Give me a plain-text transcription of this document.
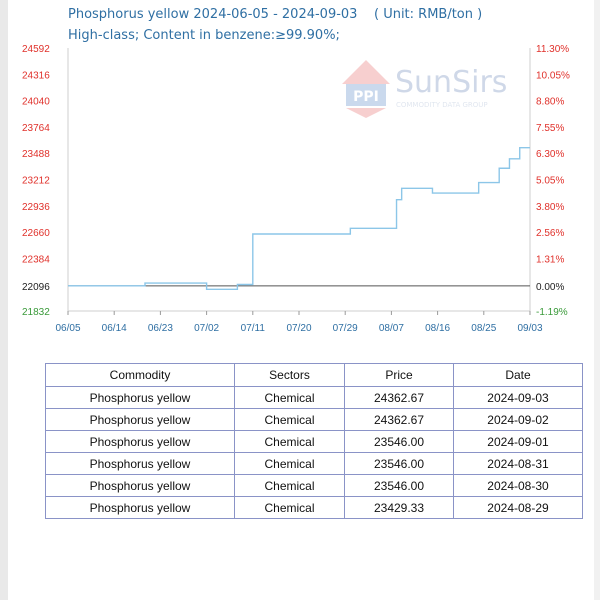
Phosphorus yellow 2024-06-05 - 2024-09-03 ( Unit: RMB/ton )
High-class; Content in benzene:≥99.90%;
PPI SunSirs
COMMODITY DATA GROUP
24592
24316
24040
23764
23488
23212
22936
22660
22384
22096
21832
11.30%
10.05%
8.80%
7.55%
6.30%
5.05%
3.80%
2.56%
1.31%
0.00%
-1.19%
06/05 06/14 06/23 07/02 07/11 07/20 07/29 08/07 08/16 08/25 09/03
Commodity	Sectors	Price	Date
Phosphorus yellow	Chemical	24362.67	2024-09-03
Phosphorus yellow	Chemical	24362.67	2024-09-02
Phosphorus yellow	Chemical	23546.00	2024-09-01
Phosphorus yellow	Chemical	23546.00	2024-08-31
Phosphorus yellow	Chemical	23546.00	2024-08-30
Phosphorus yellow	Chemical	23429.33	2024-08-29
